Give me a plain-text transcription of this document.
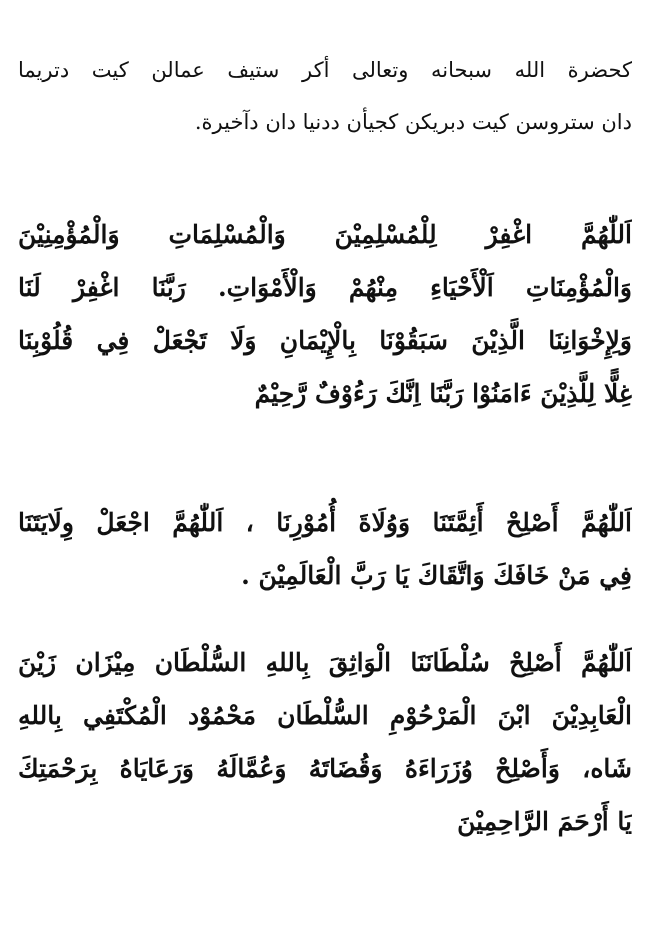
كحضرة الله سبحانه وتعالى أكر ستيف عمالن كيت دتريما
دان ستروسن كيت دبريكن كجيأن ددنيا دان دآخيرة.
اَللّٰهُمَّ اغْفِرْ لِلْمُسْلِمِيْنَ وَالْمُسْلِمَاتِ وَالْمُؤْمِنِيْنَ
وَالْمُؤْمِنَاتِ اَلْأَحْيَاءِ مِنْهُمْ وَالْأَمْوَاتِ. رَبَّنَا اغْفِرْ لَنَا
وَلِإِخْوَانِنَا الَّذِيْنَ سَبَقُوْنَا بِالْإِيْمَانِ وَلَا تَجْعَلْ فِي قُلُوْبِنَا
غِلًّا لِلَّذِيْنَ ءَامَنُوْا رَبَّنَا اِنَّكَ رَءُوْفٌ رَّحِيْمٌ
اَللّٰهُمَّ أَصْلِحْ أَئِمَّتَنَا وَوُلَاةَ أُمُوْرِنَا ، اَللّٰهُمَّ اجْعَلْ وِلَايَتَنَا
فِي مَنْ خَافَكَ وَاتَّقَاكَ يَا رَبَّ الْعَالَمِيْنَ .
اَللّٰهُمَّ أَصْلِحْ سُلْطَانَنَا الْوَاثِقَ بِاللهِ السُّلْطَان مِيْزَان زَيْنَ
الْعَابِدِيْنَ ابْنَ الْمَرْحُوْمِ السُّلْطَان مَحْمُوْد الْمُكْتَفِي بِاللهِ
شَاه، وَأَصْلِحْ وُزَرَاءَهُ وَقُضَاتَهُ وَعُمَّالَهُ وَرَعَايَاهُ بِرَحْمَتِكَ
يَا أَرْحَمَ الرَّاحِمِيْنَ
